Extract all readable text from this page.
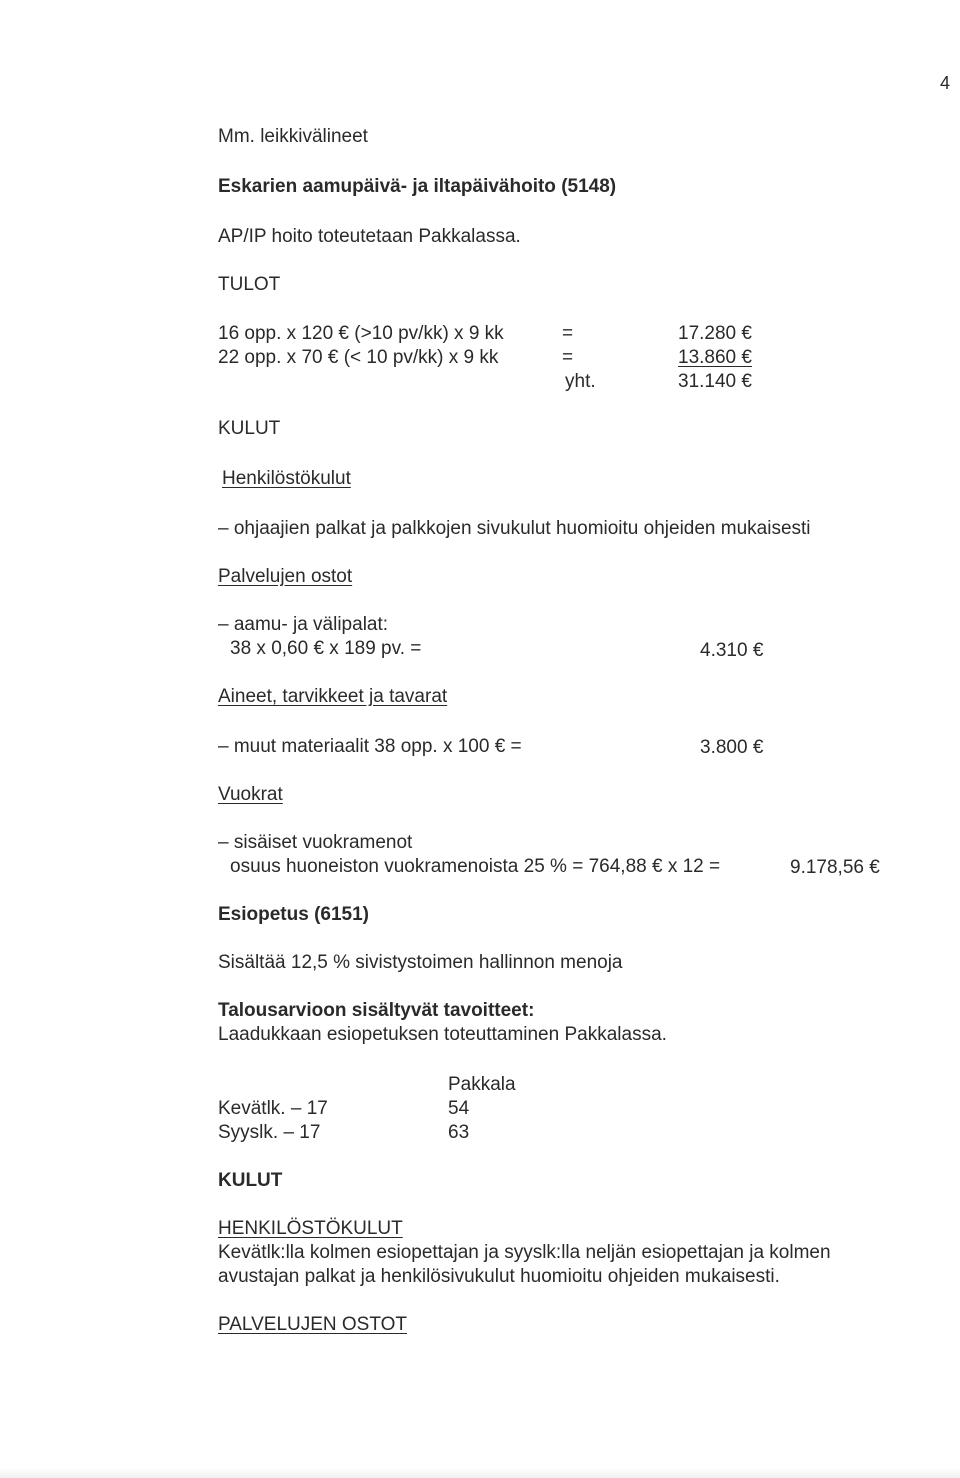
4
Mm. leikkivälineet
Eskarien aamupäivä- ja iltapäivähoito (5148)
AP/IP hoito toteutetaan Pakkalassa.
TULOT
16 opp. x 120 € (>10 pv/kk) x 9 kk	=	17.280 €
22 opp. x 70 € (< 10 pv/kk) x 9 kk	=	13.860 €
yht.	31.140 €
KULUT
Henkilöstökulut
– ohjaajien palkat ja palkkojen sivukulut huomioitu ohjeiden mukaisesti
Palvelujen ostot
– aamu- ja välipalat:
38 x 0,60 € x 189 pv. =	4.310 €
Aineet, tarvikkeet ja tavarat
– muut materiaalit 38 opp. x 100 € =	3.800 €
Vuokrat
– sisäiset vuokramenot
osuus huoneiston vuokramenoista 25 % = 764,88 € x 12 =	9.178,56 €
Esiopetus (6151)
Sisältää 12,5 % sivistystoimen hallinnon menoja
Talousarvioon sisältyvät tavoitteet:
Laadukkaan esiopetuksen toteuttaminen Pakkalassa.
Pakkala
Kevätlk. – 17	54
Syyslk. – 17	63
KULUT
HENKILÖSTÖKULUT
Kevätlk:lla kolmen esiopettajan ja syyslk:lla neljän esiopettajan ja kolmen
avustajan palkat ja henkilösivukulut huomioitu ohjeiden mukaisesti.
PALVELUJEN OSTOT
